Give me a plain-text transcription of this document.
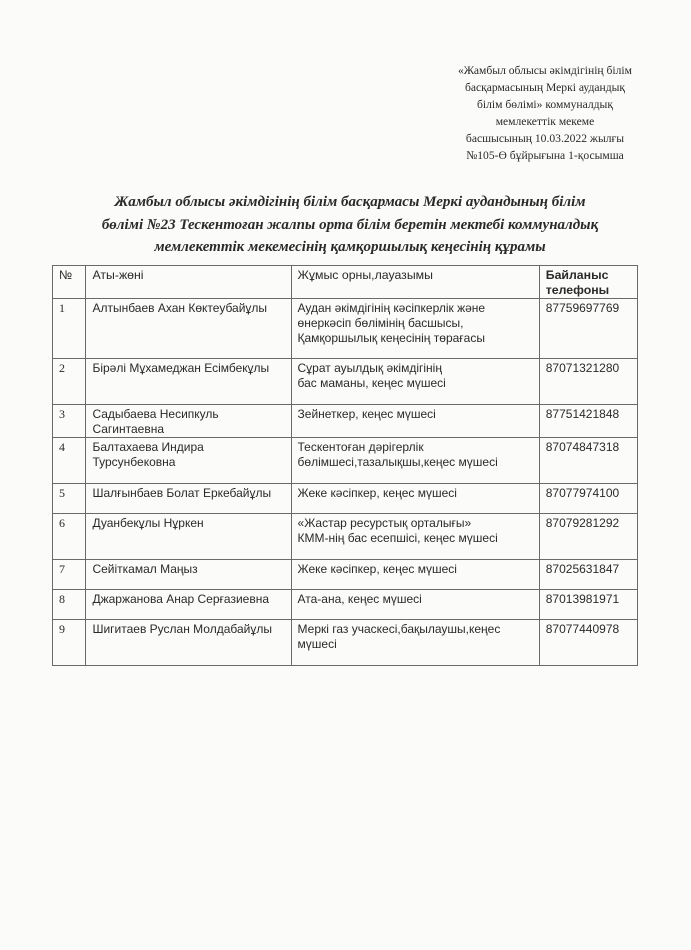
«Жамбыл облысы әкімдігінің білім
басқармасының Меркі аудандық
білім бөлімі» коммуналдық
мемлекеттік мекеме
басшысының 10.03.2022 жылғы
№105-Ө бұйрығына 1-қосымша
Жамбыл облысы әкімдігінің білім басқармасы Меркі аудандының білім
бөлімі №23 Тескентоған жалпы орта білім беретін мектебі коммуналдық
мемлекеттік мекемесінің қамқоршылық кеңесінің құрамы
№	Аты-жөні	Жұмыс орны,лауазымы	Байланыс
телефоны

1	Алтынбаев Ахан Көктеубайұлы	Аудан әкімдігінің кәсіпкерлік және
өнеркәсіп бөлімінің басшысы,
Қамқоршылық кеңесінің төрағасы	87759697769
2	Бірәлі Мұхамеджан Есімбекұлы	Сұрат ауылдық әкімдігінің
бас маманы, кеңес мүшесі	87071321280
3	Садыбаева Несипкуль Сагинтаевна	Зейнеткер, кеңес мүшесі	87751421848
4	Балтахаева Индира Турсунбековна	Тескентоған дәрігерлік
бөлімшесі,тазалықшы,кеңес мүшесі	87074847318
5	Шалғынбаев Болат Еркебайұлы	Жеке кәсіпкер, кеңес мүшесі	87077974100
6	Дуанбекұлы Нұркен	«Жастар ресурстық орталығы»
КММ-нің бас есепшісі, кеңес мүшесі	87079281292
7	Сейіткамал Маңыз	Жеке кәсіпкер, кеңес мүшесі	87025631847
8	Джаржанова Анар Серғазиевна	Ата-ана, кеңес мүшесі	87013981971
9	Шигитаев Руслан Молдабайұлы	Меркі газ учаскесі,бақылаушы,кеңес
мүшесі	87077440978
